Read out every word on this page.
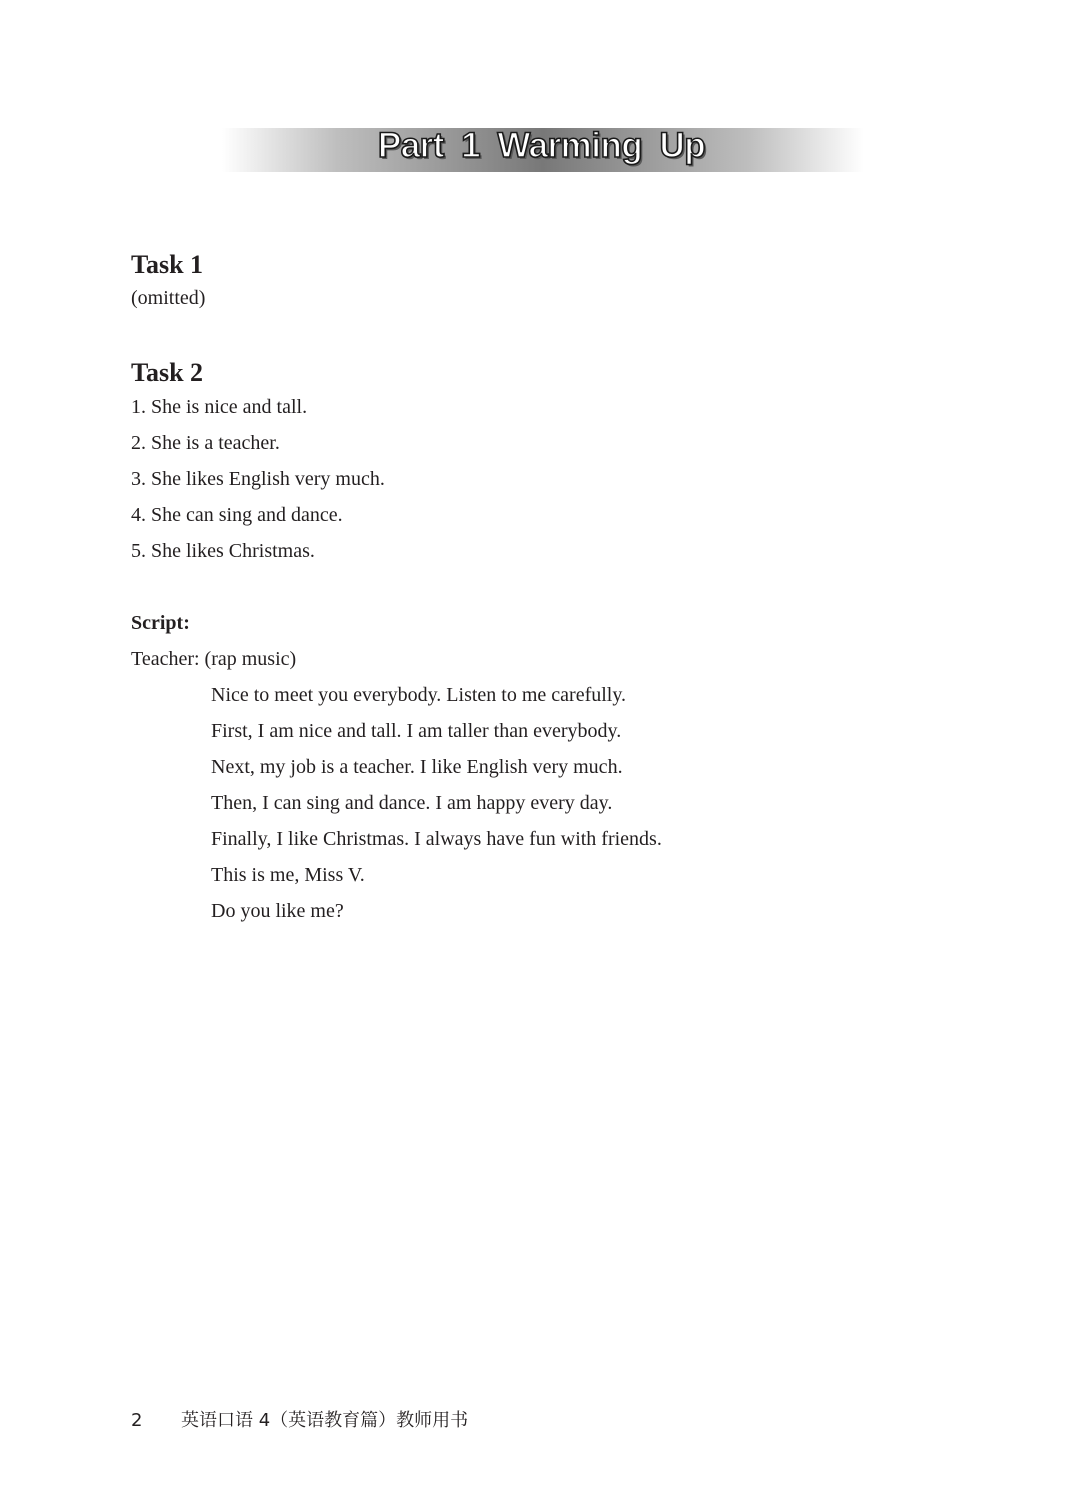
Part 1 Warming Up
Task 1
(omitted)
Task 2
1. She is nice and tall.
2. She is a teacher.
3. She likes English very much.
4. She can sing and dance.
5. She likes Christmas.
Script:
Teacher: (rap music)
Nice to meet you everybody. Listen to me carefully.
First, I am nice and tall. I am taller than everybody.
Next, my job is a teacher. I like English very much.
Then, I can sing and dance. I am happy every day.
Finally, I like Christmas. I always have fun with friends.
This is me, Miss V.
Do you like me?
2 英语口语 4（英语教育篇）教师用书
